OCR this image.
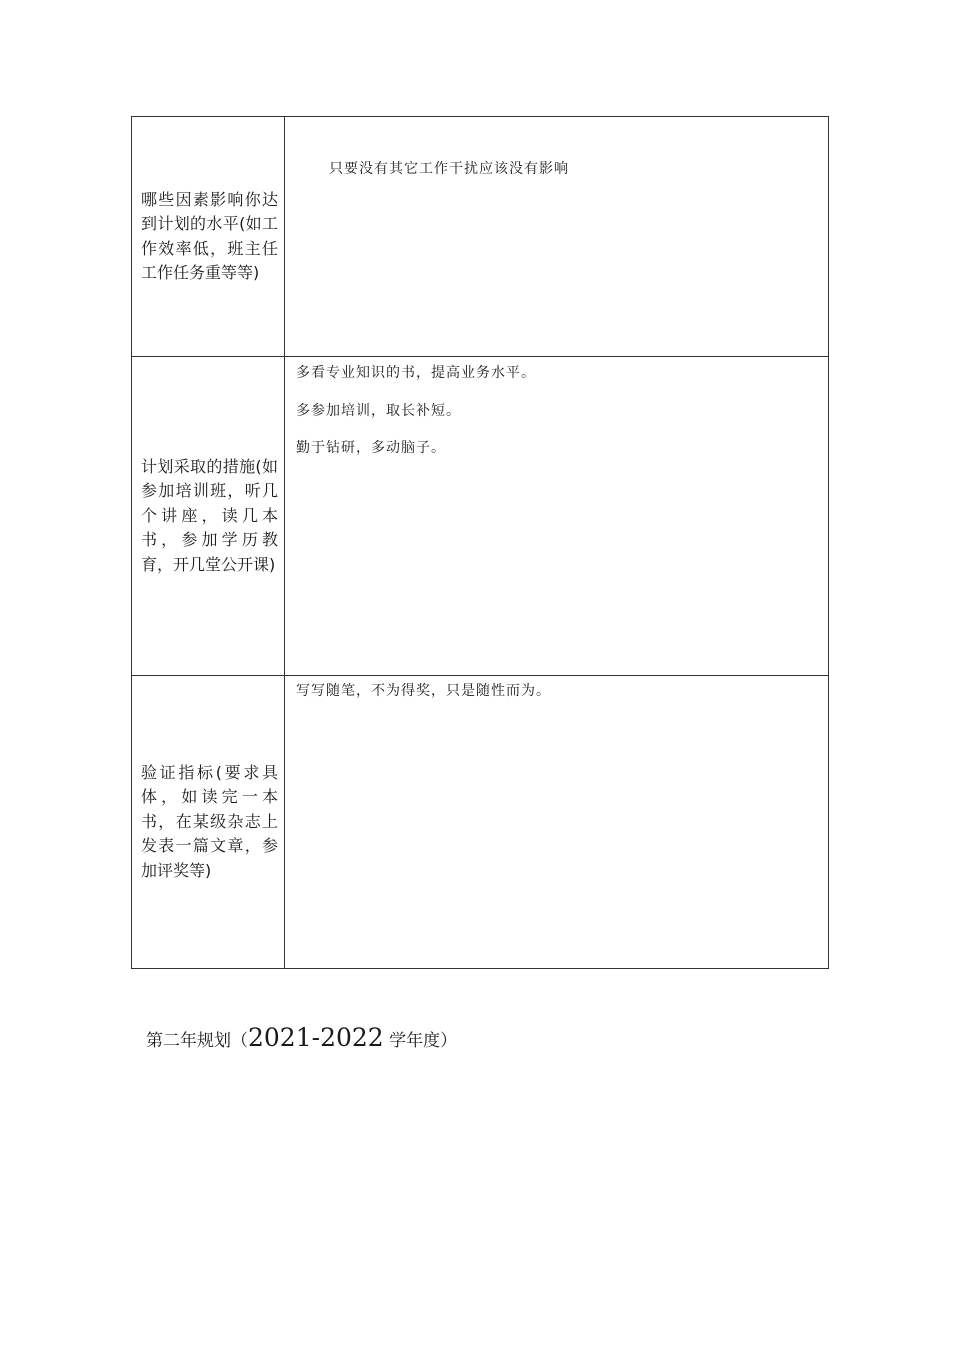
哪些因素影响你达到计划的水平(如工作效率低，班主任工作任务重等等)	只要没有其它工作干扰应该没有影响

计划采取的措施(如参加培训班，听几个讲座，读几本书，参加学历教育，开几堂公开课)	多看专业知识的书，提高业务水平。
多参加培训，取长补短。
勤于钻研，多动脑子。

验证指标(要求具体，如读完一本书，在某级杂志上发表一篇文章，参加评奖等)	写写随笔，不为得奖，只是随性而为。
第二年规划（2021-2022 学年度）
